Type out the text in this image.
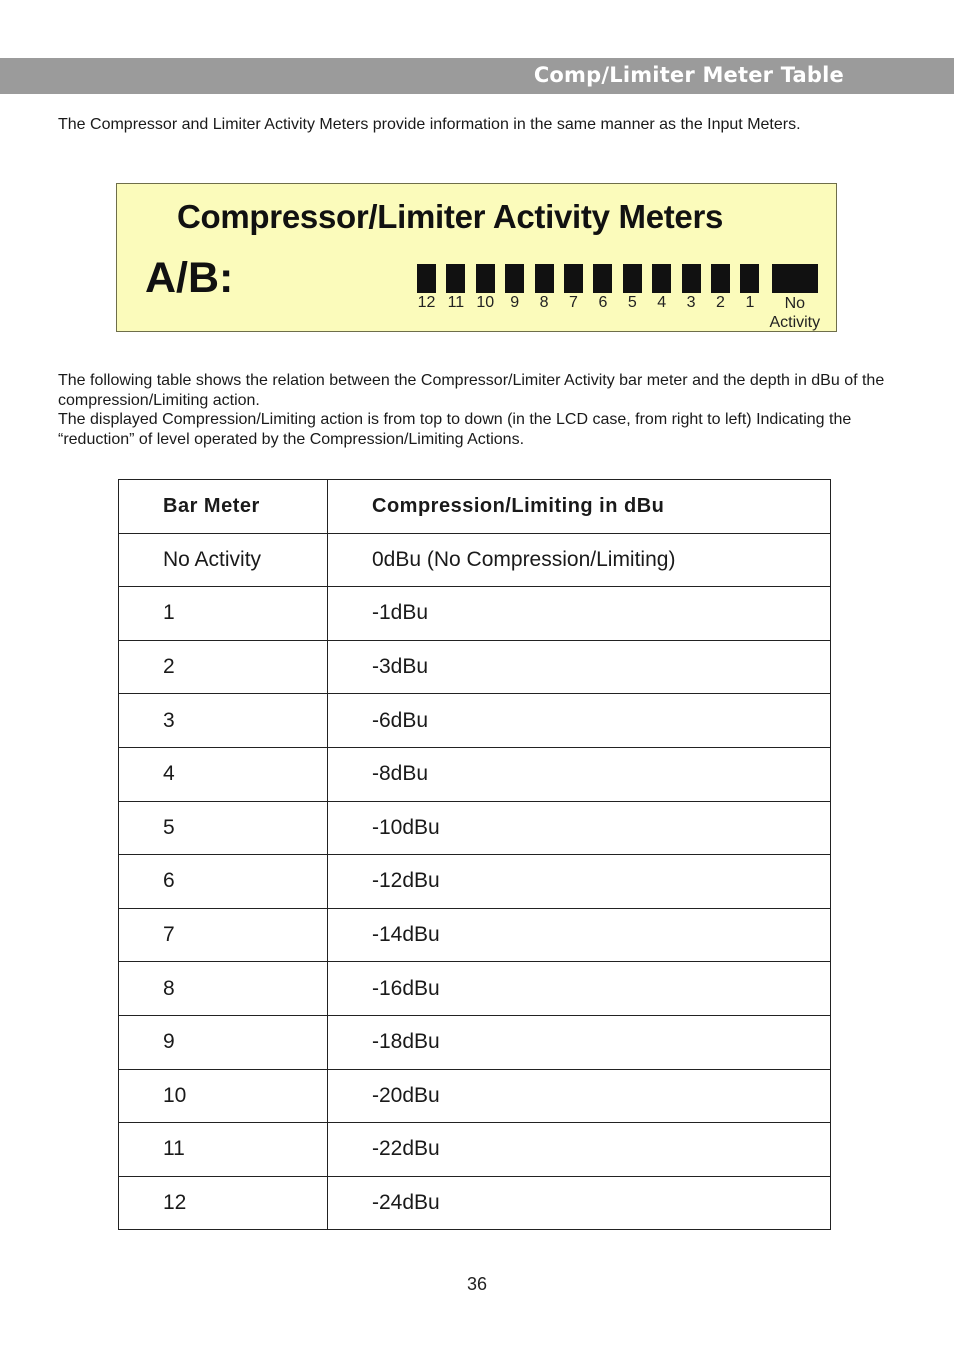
Comp/Limiter Meter Table

The Compressor and Limiter Activity Meters provide information in the same manner as the Input Meters.

Compressor/Limiter Activity Meters
A/B:
12 11 10	9	8	7	6	5	4	3	2	1	No Activity

The following table shows the relation between the Compressor/Limiter Activity bar meter and the depth in dBu of the compression/Limiting action.

The displayed Compression/Limiting action is from top to down (in the LCD case, from right to left) Indicating the “reduction” of level operated by the Compression/Limiting Actions.

Bar Meter	Compression/Limiting in dBu
No Activity	0dBu (No Compression/Limiting)
1	-1dBu
2	-3dBu
3	-6dBu
4	-8dBu
5	-10dBu
6	-12dBu
7	-14dBu
8	-16dBu
9	-18dBu
10	-20dBu
11	-22dBu
12	-24dBu
36
